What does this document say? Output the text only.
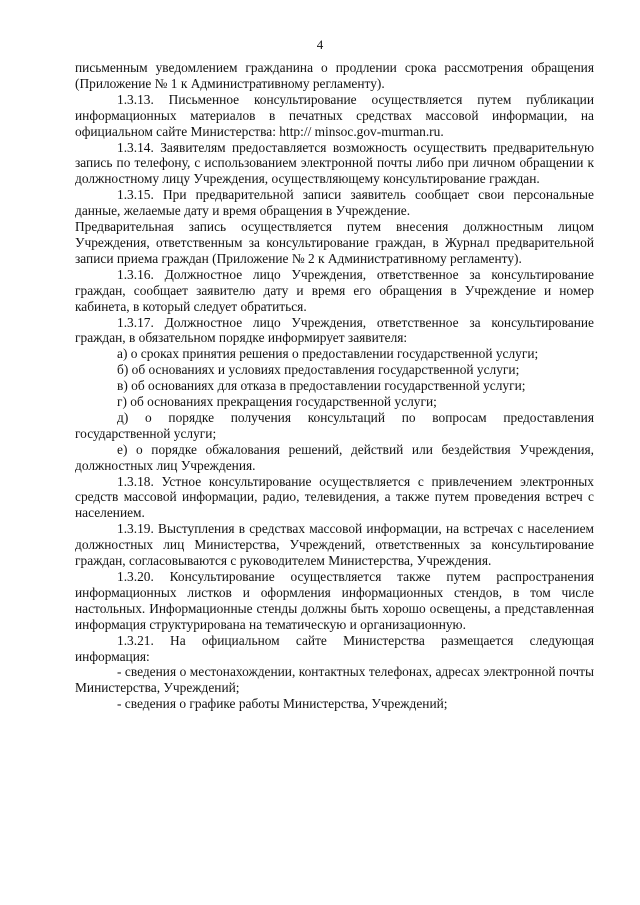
4

письменным уведомлением гражданина о продлении срока рассмотрения обращения (Приложение № 1 к Административному регламенту).

1.3.13. Письменное консультирование осуществляется путем публикации информационных материалов в печатных средствах массовой информации, на официальном сайте Министерства: http:// minsoc.gov-murman.ru.

1.3.14. Заявителям предоставляется возможность осуществить предварительную запись по телефону, с использованием электронной почты либо при личном обращении к должностному лицу Учреждения, осуществляющему консультирование граждан.

1.3.15. При предварительной записи заявитель сообщает свои персональные данные, желаемые дату и время обращения в Учреждение.

Предварительная запись осуществляется путем внесения должностным лицом Учреждения, ответственным за консультирование граждан, в Журнал предварительной записи приема граждан (Приложение № 2 к Административному регламенту).

1.3.16. Должностное лицо Учреждения, ответственное за консультирование граждан, сообщает заявителю дату и время его обращения в Учреждение и номер кабинета, в который следует обратиться.

1.3.17. Должностное лицо Учреждения, ответственное за консультирование граждан, в обязательном порядке информирует заявителя:

а) о сроках принятия решения о предоставлении государственной услуги;

б) об основаниях и условиях предоставления государственной услуги;

в) об основаниях для отказа в предоставлении государственной услуги;

г) об основаниях прекращения государственной услуги;

д) о порядке получения консультаций по вопросам предоставления государственной услуги;

е) о порядке обжалования решений, действий или бездействия Учреждения, должностных лиц Учреждения.

1.3.18. Устное консультирование осуществляется с привлечением электронных средств массовой информации, радио, телевидения, а также путем проведения встреч с населением.

1.3.19. Выступления в средствах массовой информации, на встречах с населением должностных лиц Министерства, Учреждений, ответственных за консультирование граждан, согласовываются с руководителем Министерства, Учреждения.

1.3.20. Консультирование осуществляется также путем распространения информационных листков и оформления информационных стендов, в том числе настольных. Информационные стенды должны быть хорошо освещены, а представленная информация структурирована на тематическую и организационную.

1.3.21. На официальном сайте Министерства размещается следующая информация:

- сведения о местонахождении, контактных телефонах, адресах электронной почты Министерства, Учреждений;

- сведения о графике работы Министерства, Учреждений;
